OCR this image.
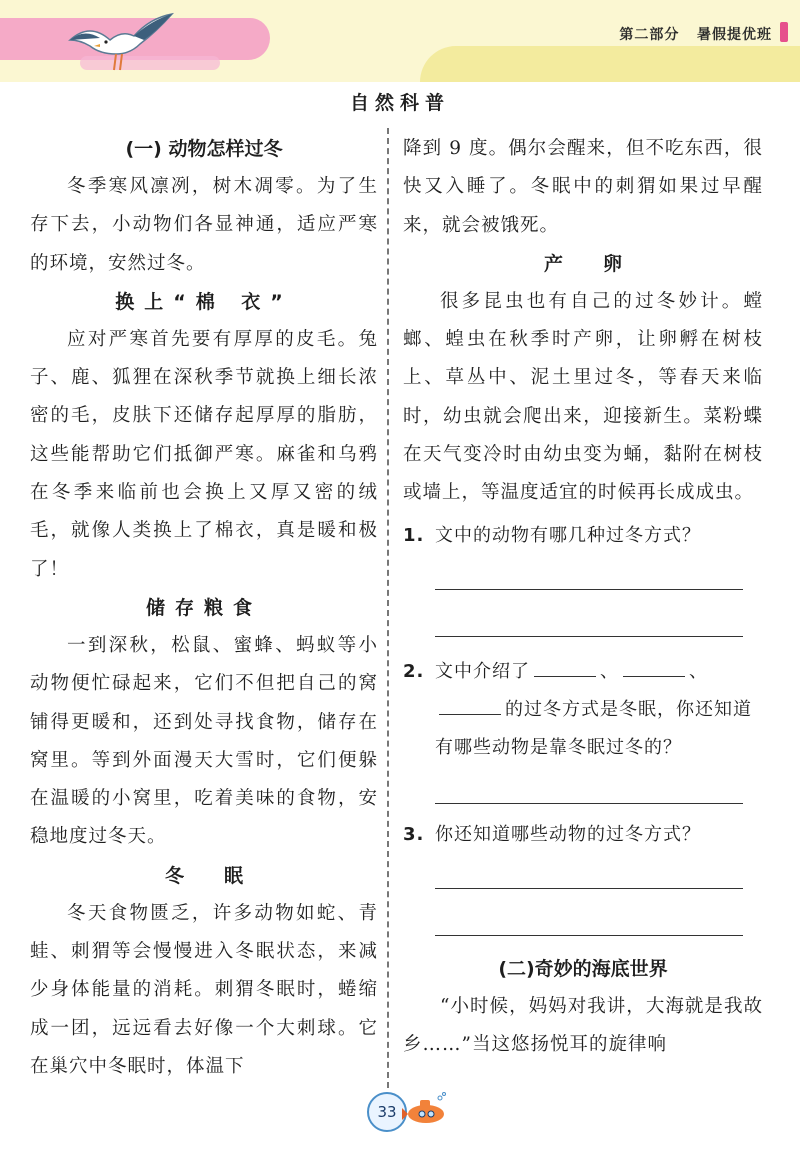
第二部分   暑假提优班
自然科普
(一) 动物怎样过冬

冬季寒风凛冽，树木凋零。为了生存下去，小动物们各显神通，适应严寒的环境，安然过冬。

换上“棉 衣”

应对严寒首先要有厚厚的皮毛。兔子、鹿、狐狸在深秋季节就换上细长浓密的毛，皮肤下还储存起厚厚的脂肪，这些能帮助它们抵御严寒。麻雀和乌鸦在冬季来临前也会换上又厚又密的绒毛，就像人类换上了棉衣，真是暖和极了！

储存粮食

一到深秋，松鼠、蜜蜂、蚂蚁等小动物便忙碌起来，它们不但把自己的窝铺得更暖和，还到处寻找食物，储存在窝里。等到外面漫天大雪时，它们便躲在温暖的小窝里，吃着美味的食物，安稳地度过冬天。

冬眠

冬天食物匮乏，许多动物如蛇、青蛙、刺猬等会慢慢进入冬眠状态，来减少身体能量的消耗。刺猬冬眠时，蜷缩成一团，远远看去好像一个大刺球。它在巢穴中冬眠时，体温下

降到 9 度。偶尔会醒来，但不吃东西，很快又入睡了。冬眠中的刺猬如果过早醒来，就会被饿死。

产卵

很多昆虫也有自己的过冬妙计。螳螂、蝗虫在秋季时产卵，让卵孵在树枝上、草丛中、泥土里过冬，等春天来临时，幼虫就会爬出来，迎接新生。菜粉蝶在天气变冷时由幼虫变为蛹，黏附在树枝或墙上，等温度适宜的时候再长成成虫。

1. 文中的动物有哪几种过冬方式？
2. 文中介绍了	、	、的过冬方式是冬眠，你还知道有哪些动物是靠冬眠过冬的？
3. 你还知道哪些动物的过冬方式？
(二)奇妙的海底世界

“小时候，妈妈对我讲，大海就是我故乡……”当这悠扬悦耳的旋律响

33
